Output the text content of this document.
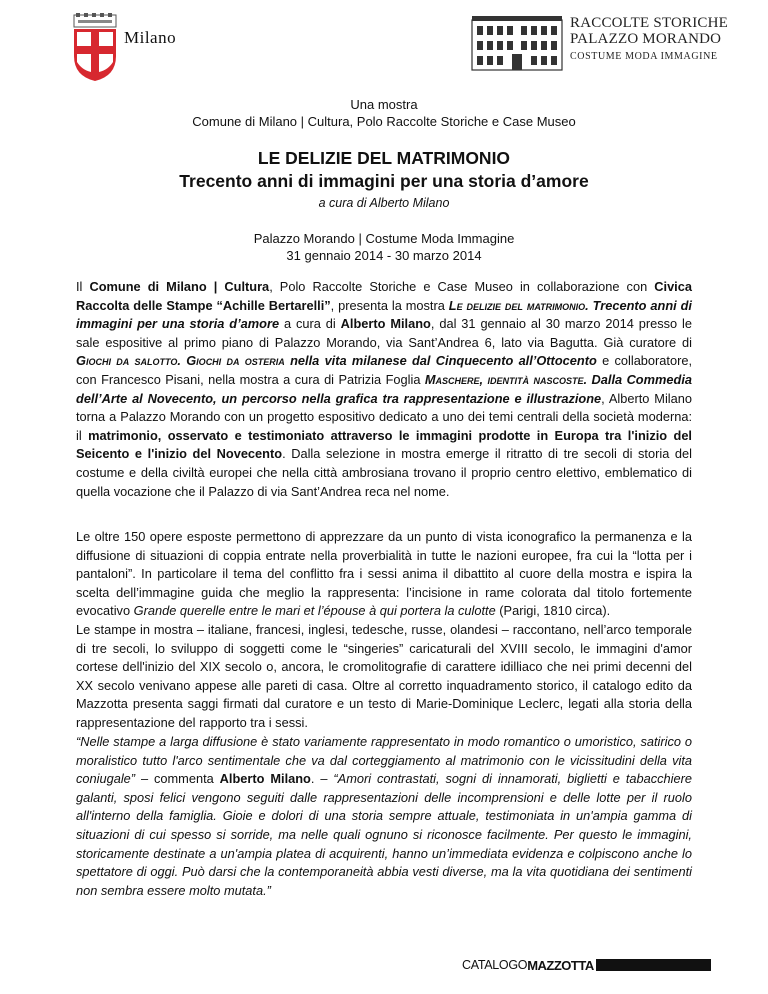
Milano
RACCOLTE STORICHE
PALAZZO MORANDO
COSTUME MODA IMMAGINE
Una mostra
Comune di Milano | Cultura, Polo Raccolte Storiche e Case Museo
LE DELIZIE DEL MATRIMONIO
Trecento anni di immagini per una storia d’amore
a cura di Alberto Milano
Palazzo Morando | Costume Moda Immagine
31 gennaio 2014 - 30 marzo 2014
Il Comune di Milano | Cultura, Polo Raccolte Storiche e Case Museo in collaborazione con Civica Raccolta delle Stampe “Achille Bertarelli”, presenta la mostra Le delizie del matrimonio. Trecento anni di immagini per una storia d’amore a cura di Alberto Milano, dal 31 gennaio al 30 marzo 2014 presso le sale espositive al primo piano di Palazzo Morando, via Sant’Andrea 6, lato via Bagutta. Già curatore di Giochi da salotto. Giochi da osteria nella vita milanese dal Cinquecento all’Ottocento e collaboratore, con Francesco Pisani, nella mostra a cura di Patrizia Foglia Maschere, identità nascoste. Dalla Commedia dell’Arte al Novecento, un percorso nella grafica tra rappresentazione e illustrazione, Alberto Milano torna a Palazzo Morando con un progetto espositivo dedicato a uno dei temi centrali della società moderna: il matrimonio, osservato e testimoniato attraverso le immagini prodotte in Europa tra l'inizio del Seicento e l'inizio del Novecento. Dalla selezione in mostra emerge il ritratto di tre secoli di storia del costume e della civiltà europei che nella città ambrosiana trovano il proprio centro elettivo, emblematico di quella vocazione che il Palazzo di via Sant’Andrea reca nel nome.
Le oltre 150 opere esposte permettono di apprezzare da un punto di vista iconografico la permanenza e la diffusione di situazioni di coppia entrate nella proverbialità in tutte le nazioni europee, fra cui la “lotta per i pantaloni”. In particolare il tema del conflitto fra i sessi anima il dibattito al cuore della mostra e ispira la scelta dell’immagine guida che meglio la rappresenta: l’incisione in rame colorata dal titolo fortemente evocativo Grande querelle entre le mari et l’épouse à qui portera la culotte (Parigi, 1810 circa).
Le stampe in mostra – italiane, francesi, inglesi, tedesche, russe, olandesi – raccontano, nell’arco temporale di tre secoli, lo sviluppo di soggetti come le “singeries” caricaturali del XVIII secolo, le immagini d'amor cortese dell'inizio del XIX secolo o, ancora, le cromolitografie di carattere idilliaco che nei primi decenni del XX secolo venivano appese alle pareti di casa. Oltre al corretto inquadramento storico, il catalogo edito da Mazzotta presenta saggi firmati dal curatore e un testo di Marie-Dominique Leclerc, legati alla storia della rappresentazione del rapporto tra i sessi.
“Nelle stampe a larga diffusione è stato variamente rappresentato in modo romantico o umoristico, satirico o moralistico tutto l'arco sentimentale che va dal corteggiamento al matrimonio con le vicissitudini della vita coniugale” – commenta Alberto Milano. – “Amori contrastati, sogni di innamorati, biglietti e tabacchiere galanti, sposi felici vengono seguiti dalle rappresentazioni delle incomprensioni e delle lotte per il ruolo all'interno della famiglia. Gioie e dolori di una storia sempre attuale, testimoniata in un'ampia gamma di situazioni di cui spesso si sorride, ma nelle quali ognuno si riconosce facilmente. Per questo le immagini, storicamente destinate a un'ampia platea di acquirenti, hanno un’immediata evidenza e colpiscono anche lo spettatore di oggi. Può darsi che la contemporaneità abbia vesti diverse, ma la vita quotidiana dei sentimenti non sembra essere molto mutata.”
CATALOGO MAZZOTTA
